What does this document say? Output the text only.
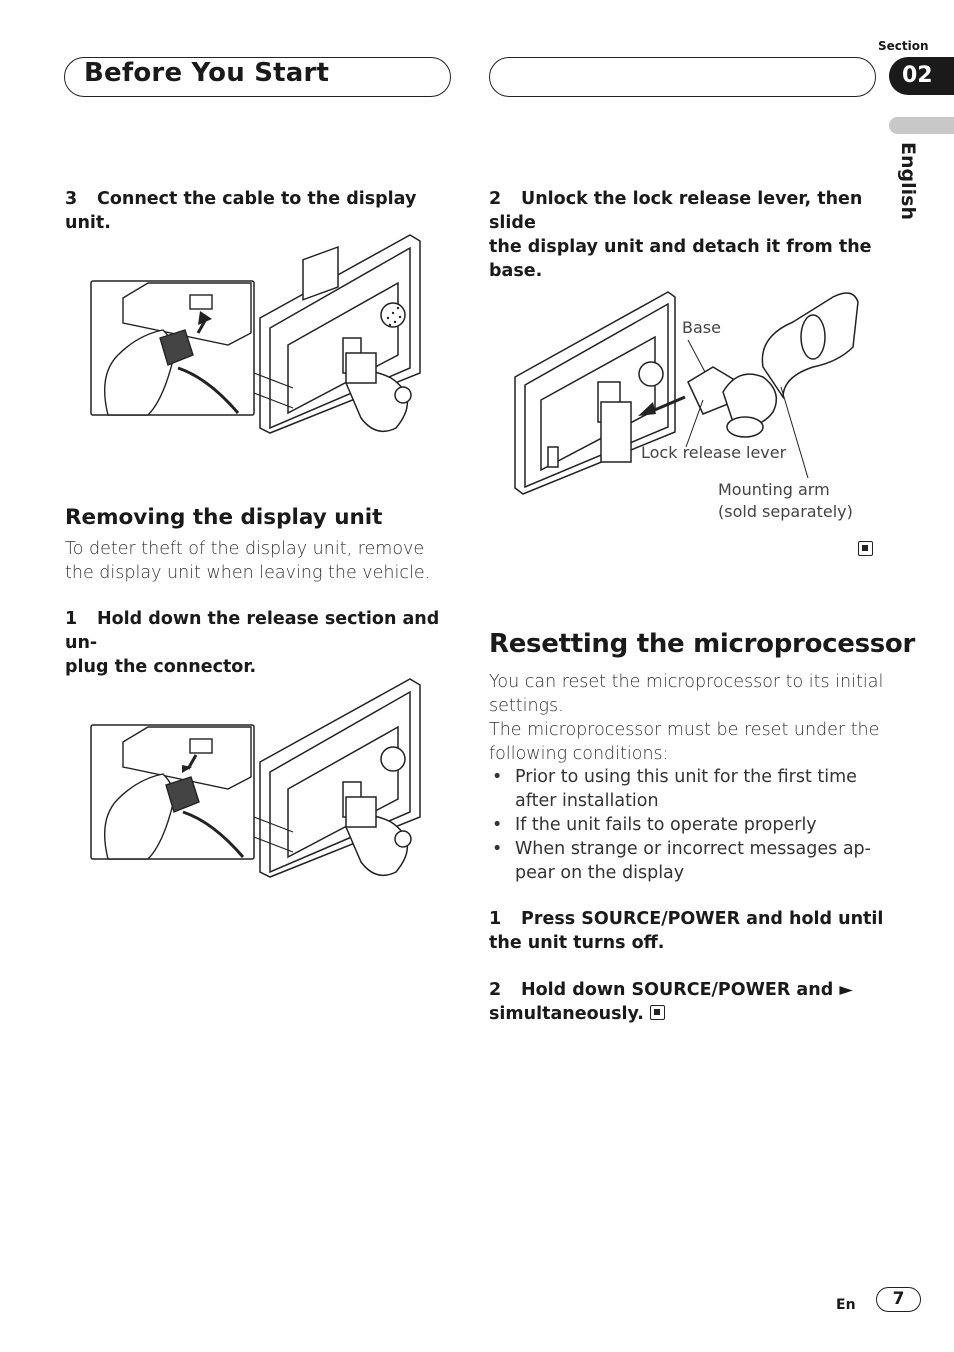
Before You Start
Section
02
English
3 Connect the cable to the display unit.
Removing the display unit
To deter theft of the display unit, remove the display unit when leaving the vehicle.
1 Hold down the release section and un-
plug the connector.
2 Unlock the lock release lever, then slide
the display unit and detach it from the
base.
Base
Lock release lever
Mounting arm
(sold separately)
Resetting the microprocessor
You can reset the microprocessor to its initial
settings.
The microprocessor must be reset under the
following conditions:
• Prior to using this unit for the first time
after installation
• If the unit fails to operate properly
• When strange or incorrect messages ap-
pear on the display
1 Press SOURCE/POWER and hold until
the unit turns off.
2 Hold down SOURCE/POWER and ►
simultaneously.
En	7
